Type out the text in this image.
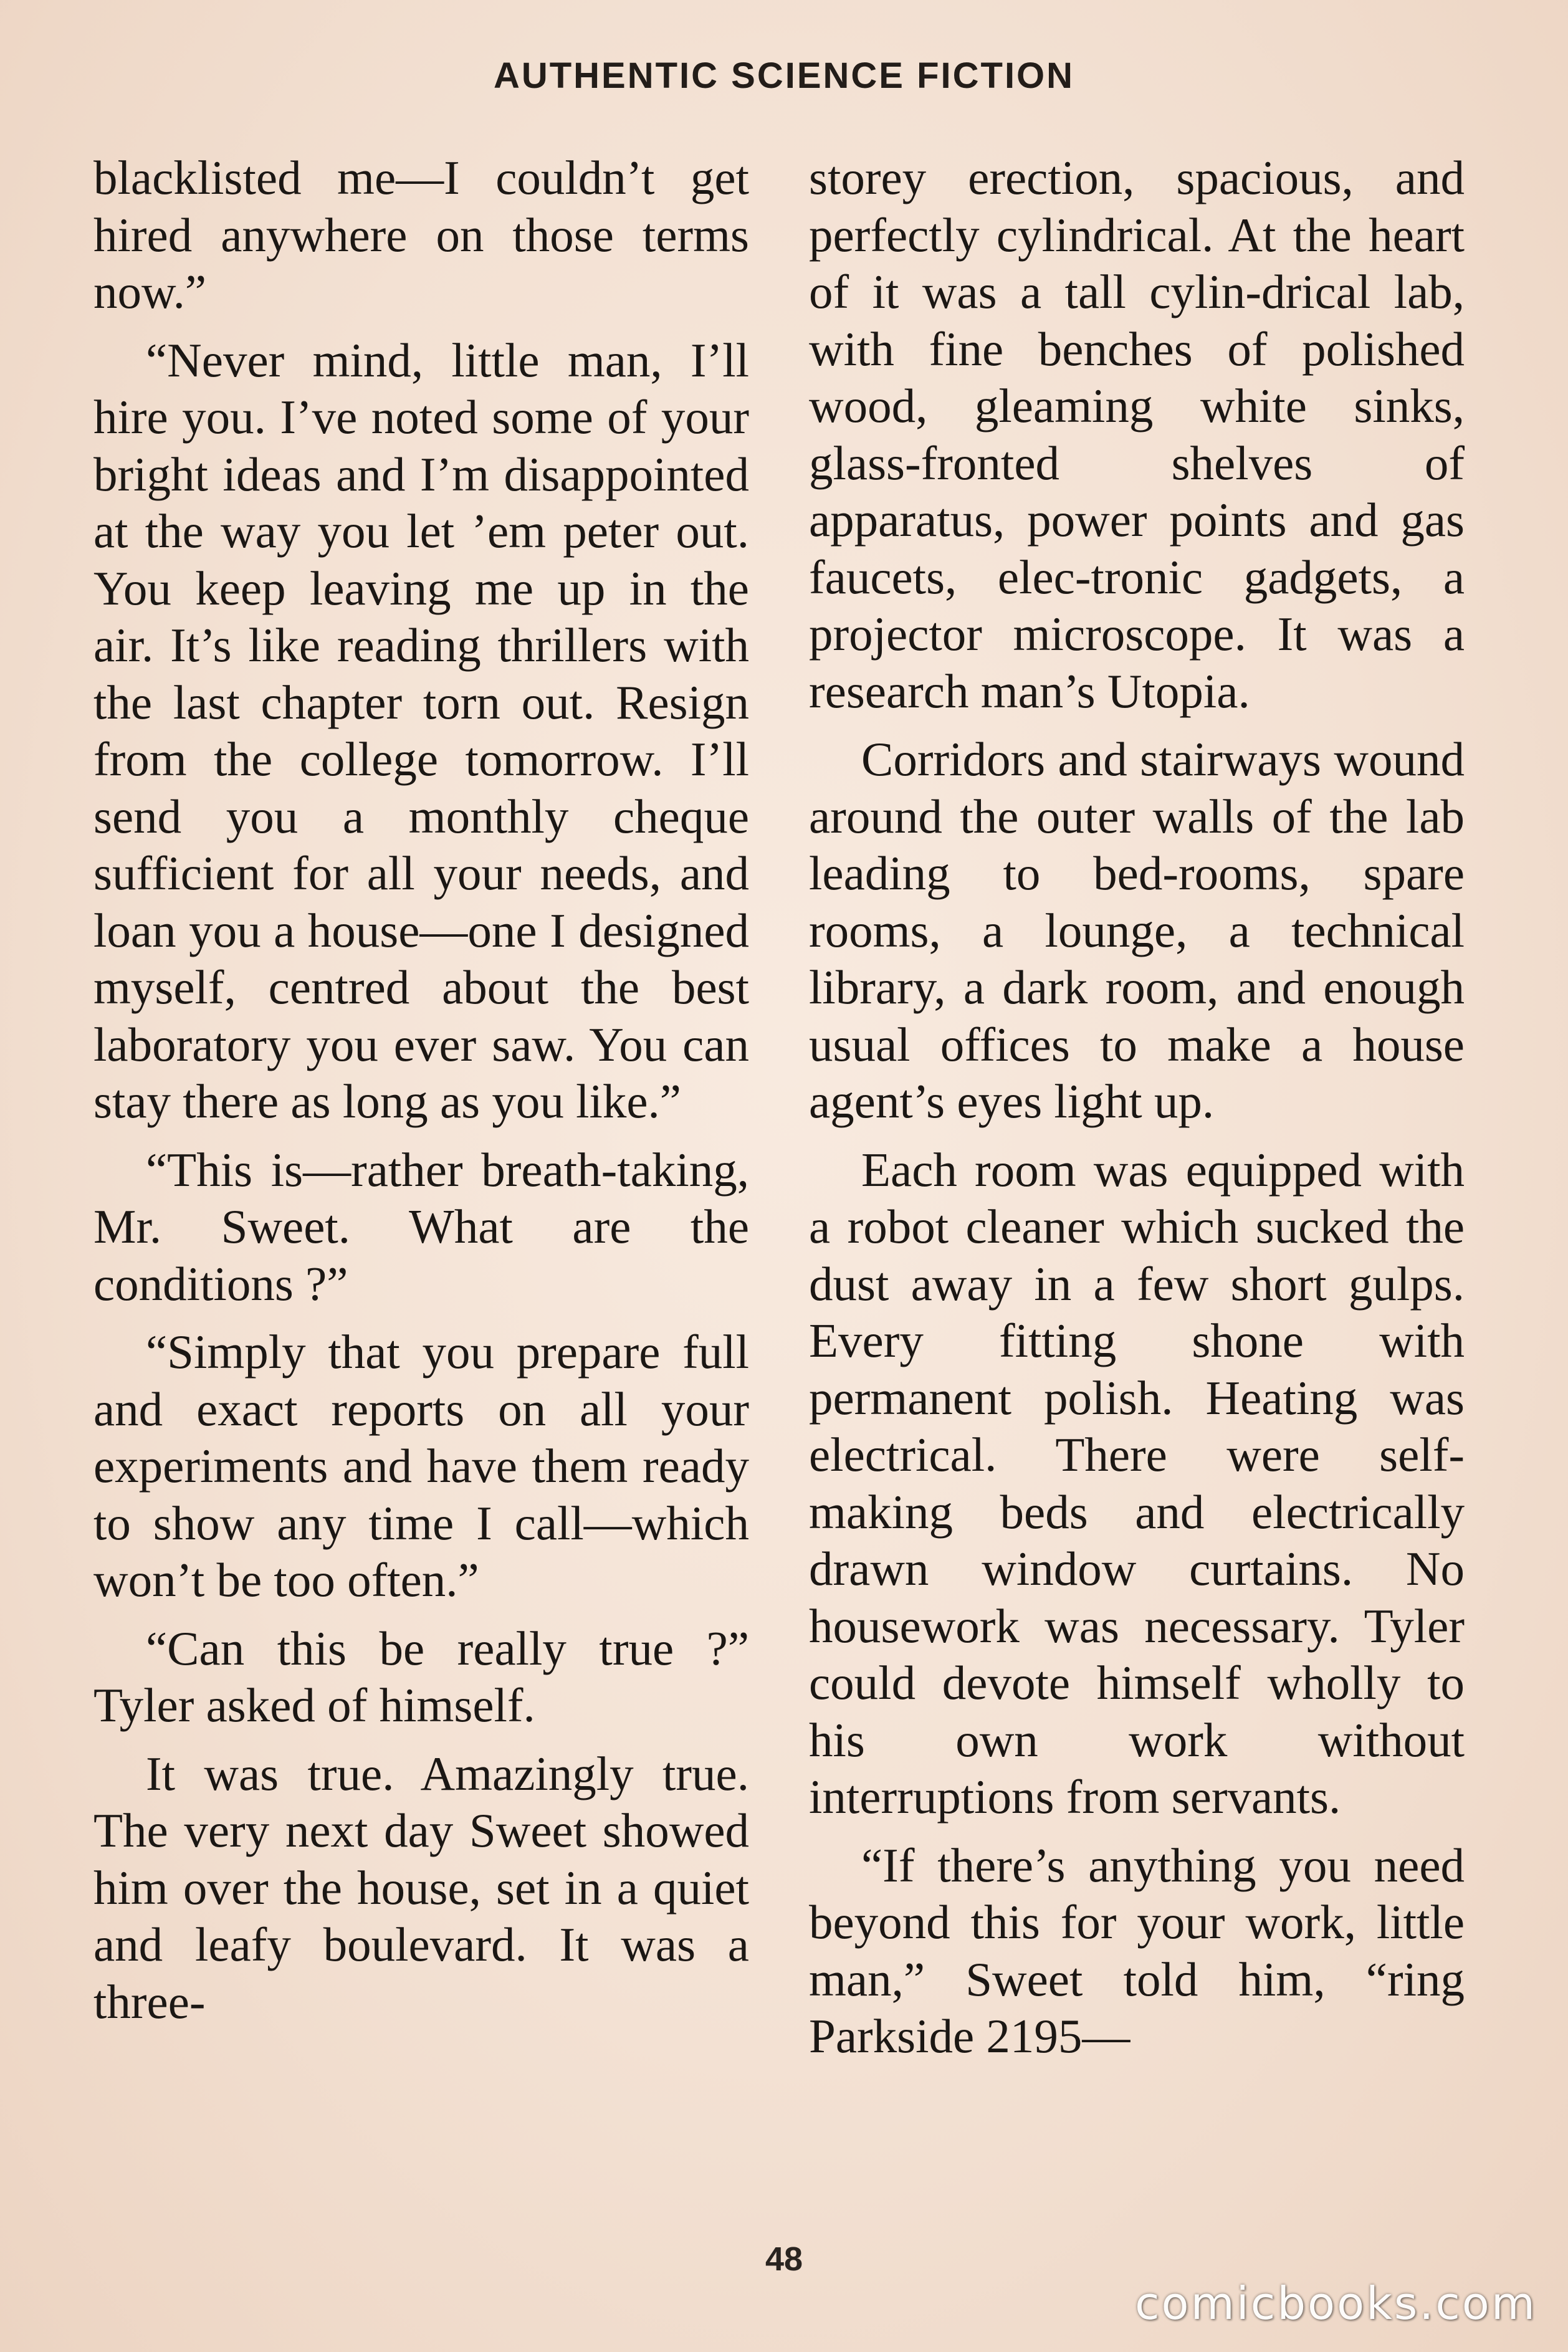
AUTHENTIC SCIENCE FICTION

blacklisted me—I couldn’t get hired anywhere on those terms now.”

“Never mind, little man, I’ll hire you. I’ve noted some of your bright ideas and I’m disappointed at the way you let ’em peter out. You keep leaving me up in the air. It’s like reading thrillers with the last chapter torn out. Resign from the college tomorrow. I’ll send you a monthly cheque sufficient for all your needs, and loan you a house—one I designed myself, centred about the best laboratory you ever saw. You can stay there as long as you like.”

“This is—rather breath-taking, Mr. Sweet. What are the conditions ?”

“Simply that you prepare full and exact reports on all your experiments and have them ready to show any time I call—which won’t be too often.”

“Can this be really true ?” Tyler asked of himself.

It was true. Amazingly true. The very next day Sweet showed him over the house, set in a quiet and leafy boulevard. It was a three-

storey erection, spacious, and perfectly cylindrical. At the heart of it was a tall cylin-drical lab, with fine benches of polished wood, gleaming white sinks, glass-fronted shelves of apparatus, power points and gas faucets, elec-tronic gadgets, a projector microscope. It was a research man’s Utopia.

Corridors and stairways wound around the outer walls of the lab leading to bed-rooms, spare rooms, a lounge, a technical library, a dark room, and enough usual offices to make a house agent’s eyes light up.

Each room was equipped with a robot cleaner which sucked the dust away in a few short gulps. Every fitting shone with permanent polish. Heating was electrical. There were self-making beds and electrically drawn window curtains. No housework was necessary. Tyler could devote himself wholly to his own work without interruptions from servants.

“If there’s anything you need beyond this for your work, little man,” Sweet told him, “ring Parkside 2195—

48
comicbooks.com
